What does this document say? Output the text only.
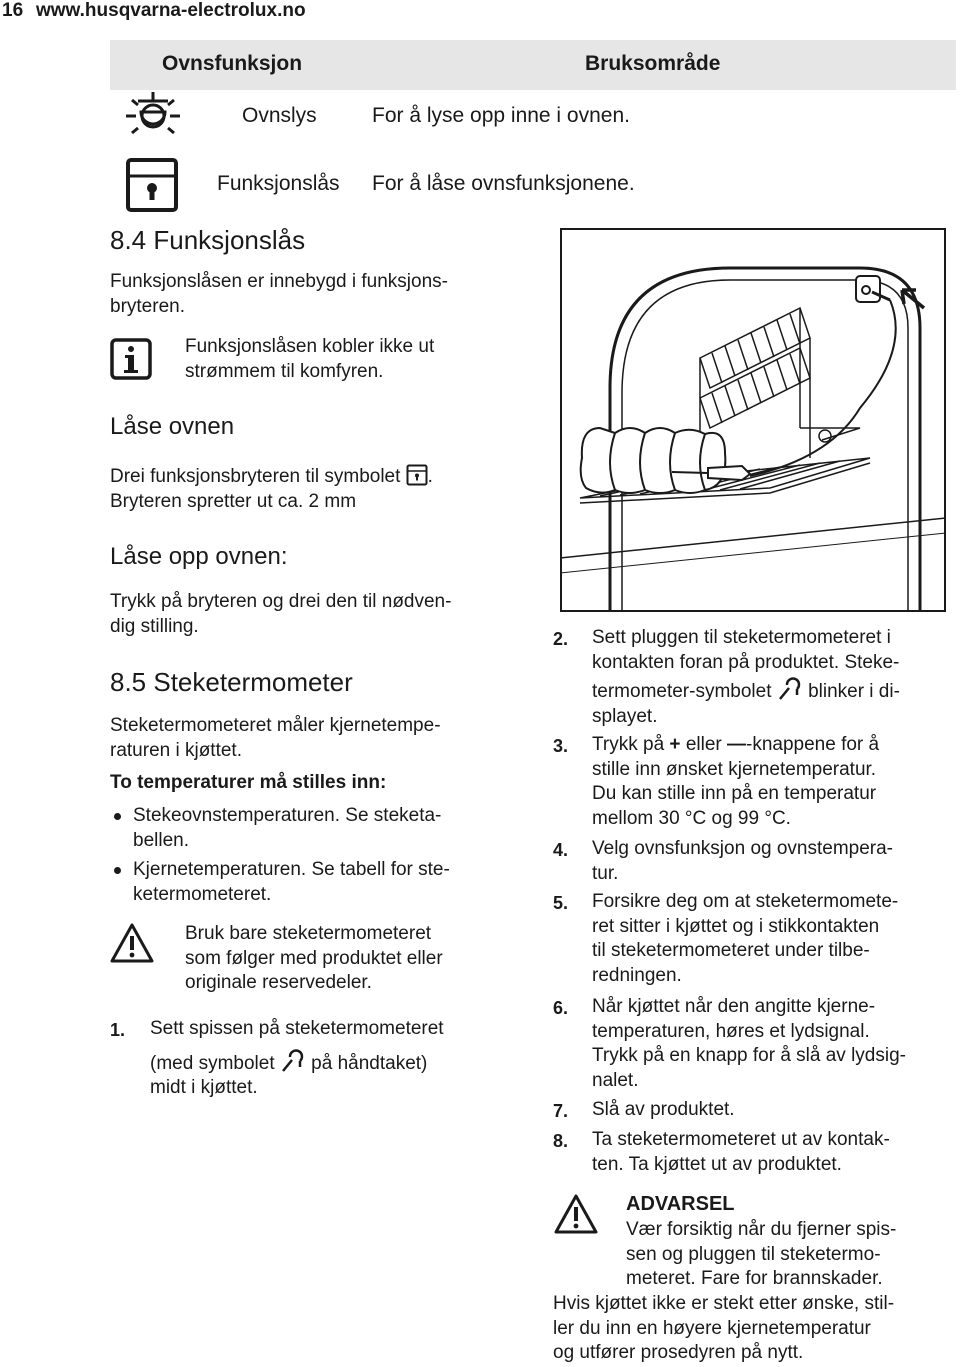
16 www.husqvarna-electrolux.no
Ovnsfunksjon	Bruksområde
Ovnslys	For å lyse opp inne i ovnen.
Funksjonslås For å låse ovnsfunksjonene.
8.4 Funksjonslås
Funksjonslåsen er innebygd i funksjons-
bryteren.
Funksjonslåsen kobler ikke ut
strømmem til komfyren.
Låse ovnen
Drei funksjonsbryteren til symbolet .
Bryteren spretter ut ca. 2 mm
Låse opp ovnen:
Trykk på bryteren og drei den til nødven-
dig stilling.
8.5 Steketermometer
Steketermometeret måler kjernetempe-
raturen i kjøttet.
To temperaturer må stilles inn:
Stekeovnstemperaturen. Se steketa-
bellen.
Kjernetemperaturen. Se tabell for ste-
ketermometeret.
Bruk bare steketermometeret
som følger med produktet eller
originale reservedeler.
1. Sett spissen på steketermometeret
(med symbolet på håndtaket)
midt i kjøttet.
2. Sett pluggen til steketermometeret i
kontakten foran på produktet. Steke-
termometer-symbolet blinker i di-
splayet.
3. Trykk på + eller —-knappene for å
stille inn ønsket kjernetemperatur.
Du kan stille inn på en temperatur
mellom 30 °C og 99 °C.
4. Velg ovnsfunksjon og ovnstempera-
tur.
5. Forsikre deg om at steketermomete-
ret sitter i kjøttet og i stikkontakten
til steketermometeret under tilbe-
redningen.
6. Når kjøttet når den angitte kjerne-
temperaturen, høres et lydsignal.
Trykk på en knapp for å slå av lydsig-
nalet.
7. Slå av produktet.
8. Ta steketermometeret ut av kontak-
ten. Ta kjøttet ut av produktet.
ADVARSEL
Vær forsiktig når du fjerner spis-
sen og pluggen til steketermo-
meteret. Fare for brannskader.
Hvis kjøttet ikke er stekt etter ønske, stil-
ler du inn en høyere kjernetemperatur
og utfører prosedyren på nytt.
